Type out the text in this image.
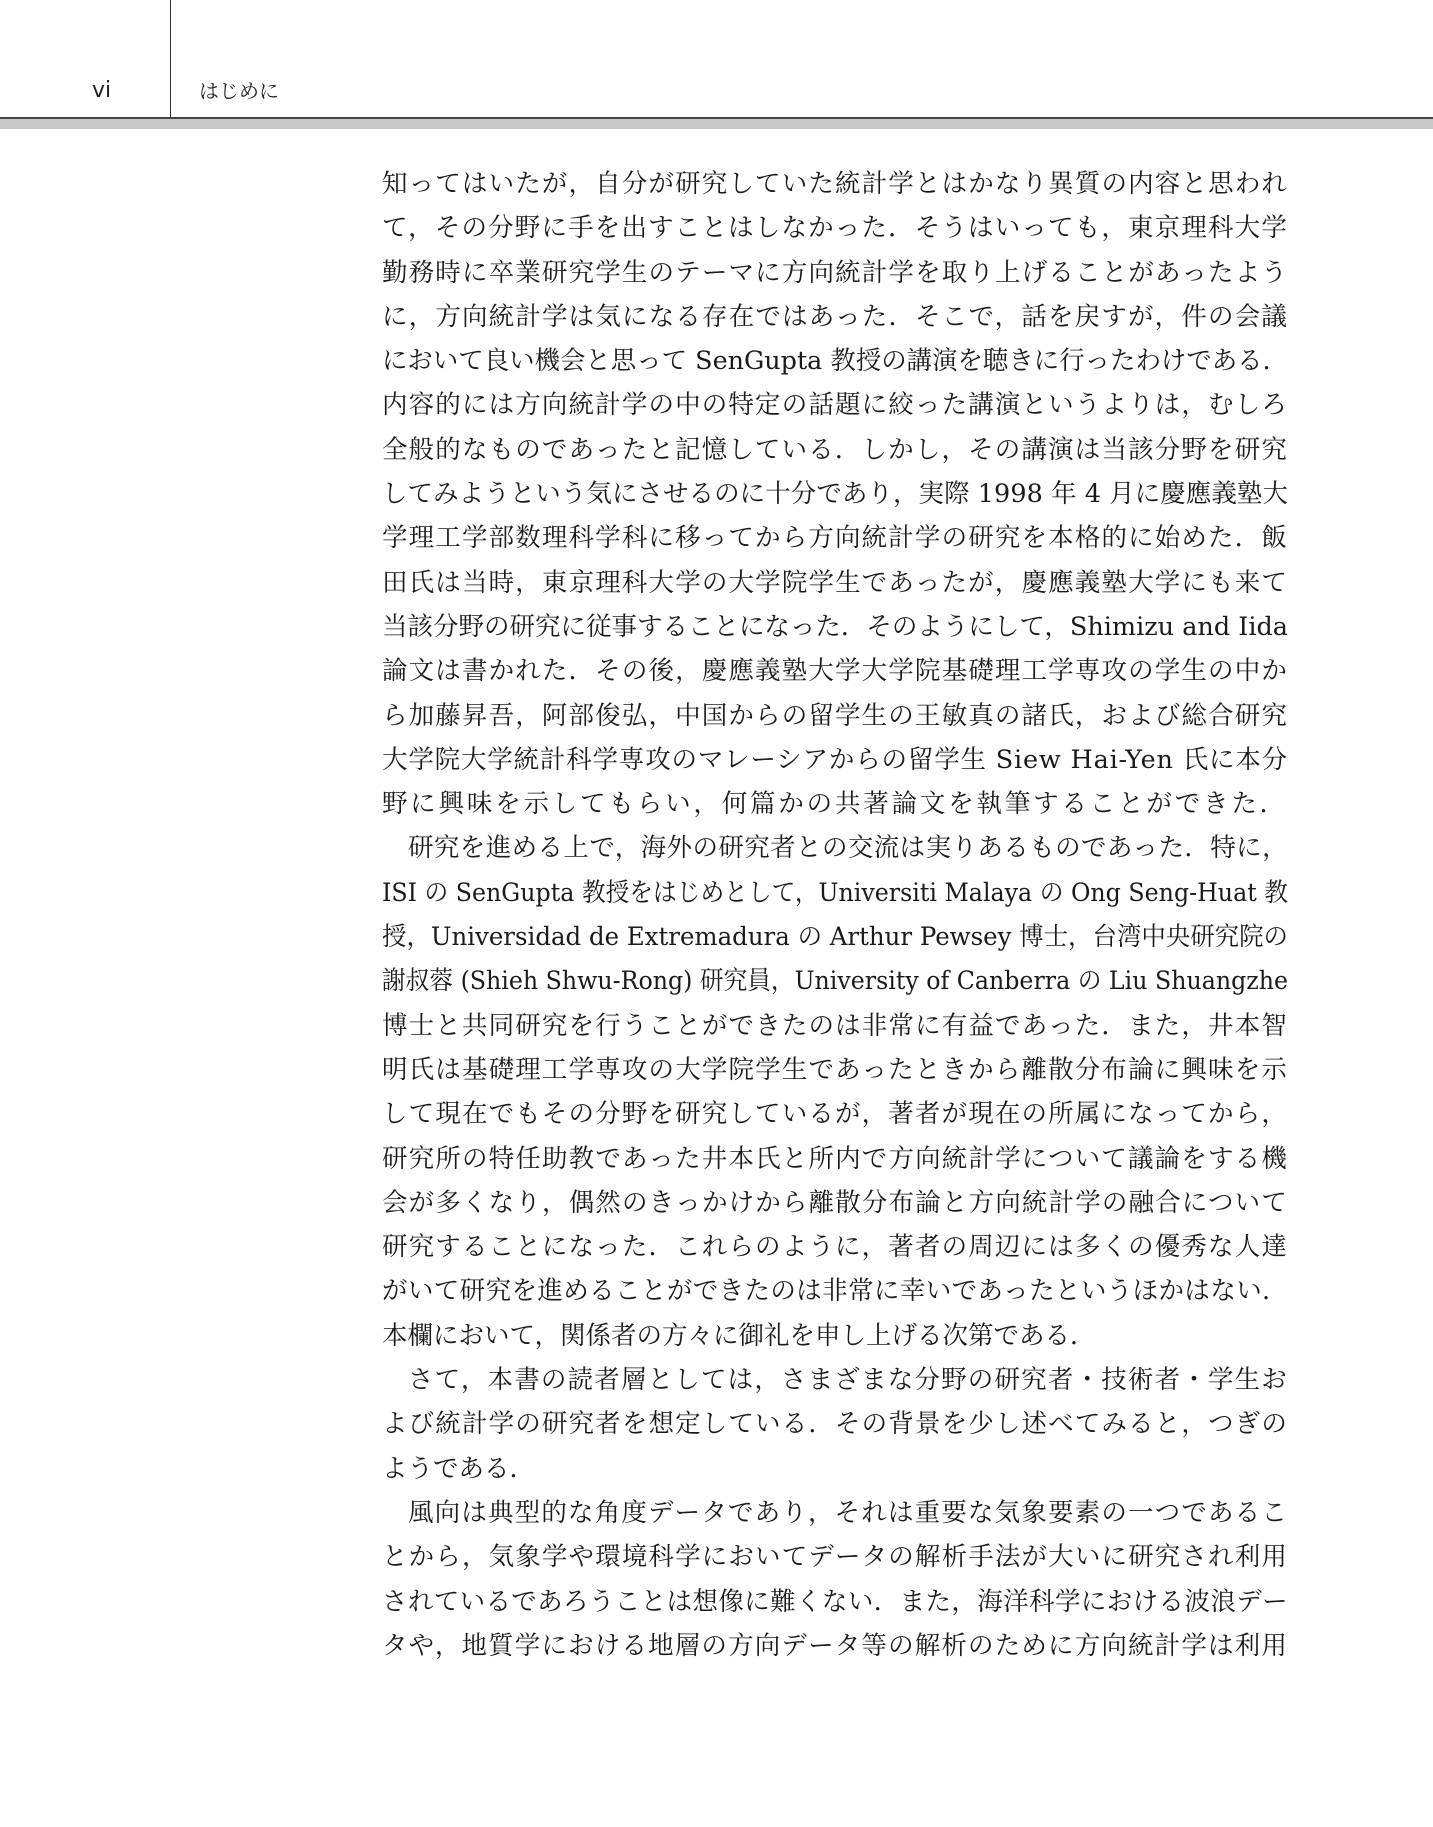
vi	はじめに
知ってはいたが，自分が研究していた統計学とはかなり異質の内容と思われ
て，その分野に手を出すことはしなかった．そうはいっても，東京理科大学
勤務時に卒業研究学生のテーマに方向統計学を取り上げることがあったよう
に，方向統計学は気になる存在ではあった．そこで，話を戻すが，件の会議
において良い機会と思って SenGupta 教授の講演を聴きに行ったわけである．
内容的には方向統計学の中の特定の話題に絞った講演というよりは，むしろ
全般的なものであったと記憶している．しかし，その講演は当該分野を研究
してみようという気にさせるのに十分であり，実際 1998 年 4 月に慶應義塾大
学理工学部数理科学科に移ってから方向統計学の研究を本格的に始めた．飯
田氏は当時，東京理科大学の大学院学生であったが，慶應義塾大学にも来て
当該分野の研究に従事することになった．そのようにして，Shimizu and Iida
論文は書かれた．その後，慶應義塾大学大学院基礎理工学専攻の学生の中か
ら加藤昇吾，阿部俊弘，中国からの留学生の王敏真の諸氏，および総合研究
大学院大学統計科学専攻のマレーシアからの留学生 Siew Hai-Yen 氏に本分
野に興味を示してもらい，何篇かの共著論文を執筆することができた．
研究を進める上で，海外の研究者との交流は実りあるものであった．特に，
ISI の SenGupta 教授をはじめとして，Universiti Malaya の Ong Seng-Huat 教
授，Universidad de Extremadura の Arthur Pewsey 博士，台湾中央研究院の
謝叔蓉 (Shieh Shwu-Rong) 研究員，University of Canberra の Liu Shuangzhe
博士と共同研究を行うことができたのは非常に有益であった．また，井本智
明氏は基礎理工学専攻の大学院学生であったときから離散分布論に興味を示
して現在でもその分野を研究しているが，著者が現在の所属になってから，
研究所の特任助教であった井本氏と所内で方向統計学について議論をする機
会が多くなり，偶然のきっかけから離散分布論と方向統計学の融合について
研究することになった．これらのように，著者の周辺には多くの優秀な人達
がいて研究を進めることができたのは非常に幸いであったというほかはない．
本欄において，関係者の方々に御礼を申し上げる次第である．
さて，本書の読者層としては，さまざまな分野の研究者・技術者・学生お
よび統計学の研究者を想定している．その背景を少し述べてみると，つぎの
ようである．
風向は典型的な角度データであり，それは重要な気象要素の一つであるこ
とから，気象学や環境科学においてデータの解析手法が大いに研究され利用
されているであろうことは想像に難くない．また，海洋科学における波浪デー
タや，地質学における地層の方向データ等の解析のために方向統計学は利用
